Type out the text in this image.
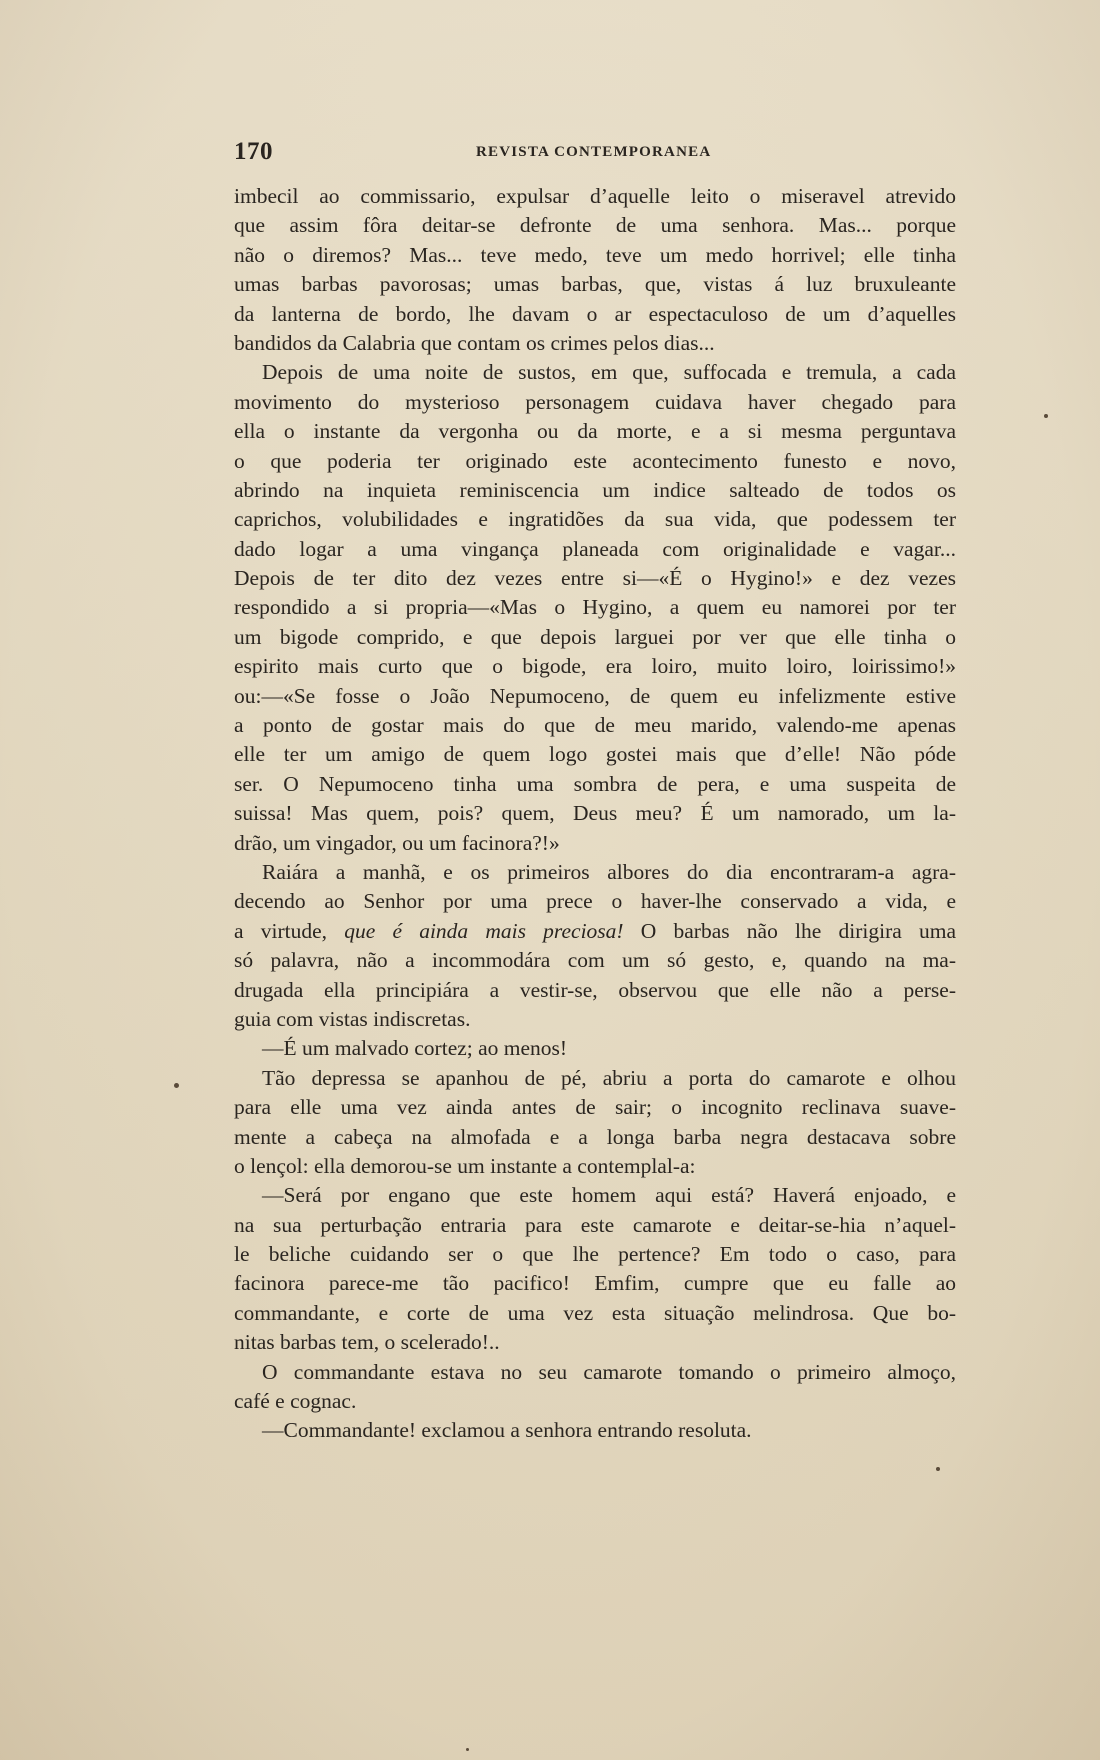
170	REVISTA CONTEMPORANEA
imbecil ao commissario, expulsar d’aquelle leito o miseravel atrevido
que assim fôra deitar-se defronte de uma senhora. Mas... porque
não o diremos? Mas... teve medo, teve um medo horrivel; elle tinha
umas barbas pavorosas; umas barbas, que, vistas á luz bruxuleante
da lanterna de bordo, lhe davam o ar espectaculoso de um d’aquelles
bandidos da Calabria que contam os crimes pelos dias...
Depois de uma noite de sustos, em que, suffocada e tremula, a cada
movimento do mysterioso personagem cuidava haver chegado para
ella o instante da vergonha ou da morte, e a si mesma perguntava
o que poderia ter originado este acontecimento funesto e novo,
abrindo na inquieta reminiscencia um indice salteado de todos os
caprichos, volubilidades e ingratidões da sua vida, que podessem ter
dado logar a uma vingança planeada com originalidade e vagar...
Depois de ter dito dez vezes entre si—«É o Hygino!» e dez vezes
respondido a si propria—«Mas o Hygino, a quem eu namorei por ter
um bigode comprido, e que depois larguei por ver que elle tinha o
espirito mais curto que o bigode, era loiro, muito loiro, loirissimo!»
ou:—«Se fosse o João Nepumoceno, de quem eu infelizmente estive
a ponto de gostar mais do que de meu marido, valendo-me apenas
elle ter um amigo de quem logo gostei mais que d’elle! Não póde
ser. O Nepumoceno tinha uma sombra de pera, e uma suspeita de
suissa! Mas quem, pois? quem, Deus meu? É um namorado, um la-
drão, um vingador, ou um facinora?!»
Raiára a manhã, e os primeiros albores do dia encontraram-a agra-
decendo ao Senhor por uma prece o haver-lhe conservado a vida, e
a virtude, que é ainda mais preciosa! O barbas não lhe dirigira uma
só palavra, não a incommodára com um só gesto, e, quando na ma-
drugada ella principiára a vestir-se, observou que elle não a perse-
guia com vistas indiscretas.
—É um malvado cortez; ao menos!
Tão depressa se apanhou de pé, abriu a porta do camarote e olhou
para elle uma vez ainda antes de sair; o incognito reclinava suave-
mente a cabeça na almofada e a longa barba negra destacava sobre
o lençol: ella demorou-se um instante a contemplal-a:
—Será por engano que este homem aqui está? Haverá enjoado, e
na sua perturbação entraria para este camarote e deitar-se-hia n’aquel-
le beliche cuidando ser o que lhe pertence? Em todo o caso, para
facinora parece-me tão pacifico! Emfim, cumpre que eu falle ao
commandante, e corte de uma vez esta situação melindrosa. Que bo-
nitas barbas tem, o scelerado!..
O commandante estava no seu camarote tomando o primeiro almoço,
café e cognac.
—Commandante! exclamou a senhora entrando resoluta.
